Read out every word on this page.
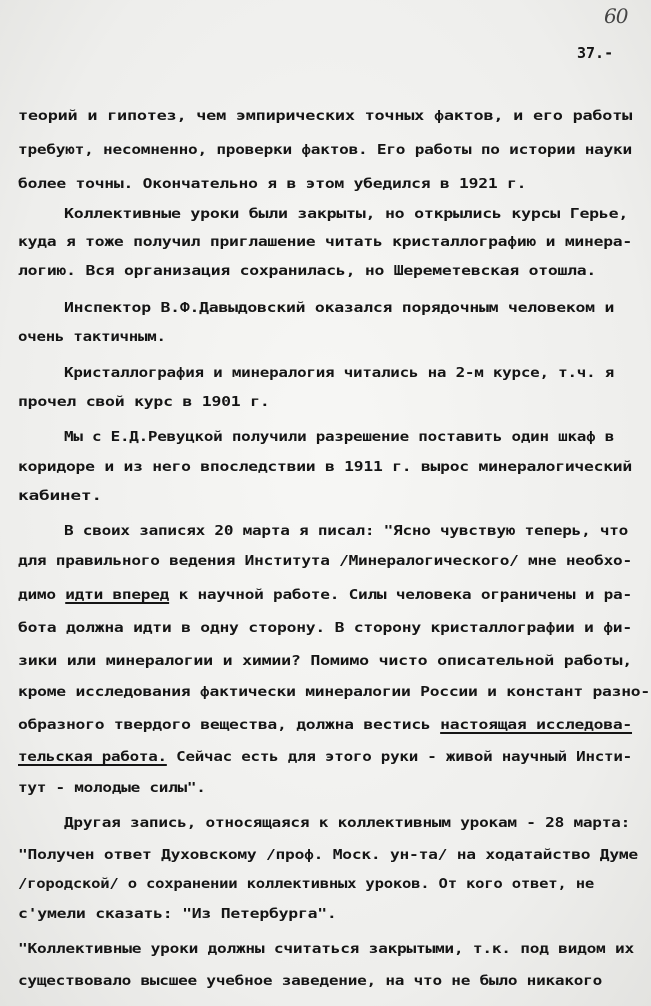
60
37.-
теорий и гипотез, чем эмпирических точных фактов, и его работы
требуют, несомненно, проверки фактов. Его работы по истории науки
более точны. Окончательно я в этом убедился в 1921 г.
Коллективные уроки были закрыты, но открылись курсы Герье,
куда я тоже получил приглашение читать кристаллографию и минера-
логию. Вся организация сохранилась, но Шереметевская отошла.
Инспектор В.Ф.Давыдовский оказался порядочным человеком и
очень тактичным.
Кристаллография и минералогия читались на 2-м курсе, т.ч. я
прочел свой курс в 1901 г.
Мы с Е.Д.Ревуцкой получили разрешение поставить один шкаф в
коридоре и из него впоследствии в 1911 г. вырос минералогический
кабинет.
В своих записях 20 марта я писал: "Ясно чувствую теперь, что
для правильного ведения Института /Минералогического/ мне необхо-
димо идти вперед к научной работе. Силы человека ограничены и ра-
бота должна идти в одну сторону. В сторону кристаллографии и фи-
зики или минералогии и химии? Помимо чисто описательной работы,
кроме исследования фактически минералогии России и констант разно-
образного твердого вещества, должна вестись настоящая исследова-
тельская работа. Сейчас есть для этого руки - живой научный Инсти-
тут - молодые силы".
Другая запись, относящаяся к коллективным урокам - 28 марта:
"Получен ответ Духовскому /проф. Моск. ун-та/ на ходатайство Думе
/городской/ о сохранении коллективных уроков. От кого ответ, не
с'умели сказать: "Из Петербурга".
"Коллективные уроки должны считаться закрытыми, т.к. под видом их
существовало высшее учебное заведение, на что не было никакого
